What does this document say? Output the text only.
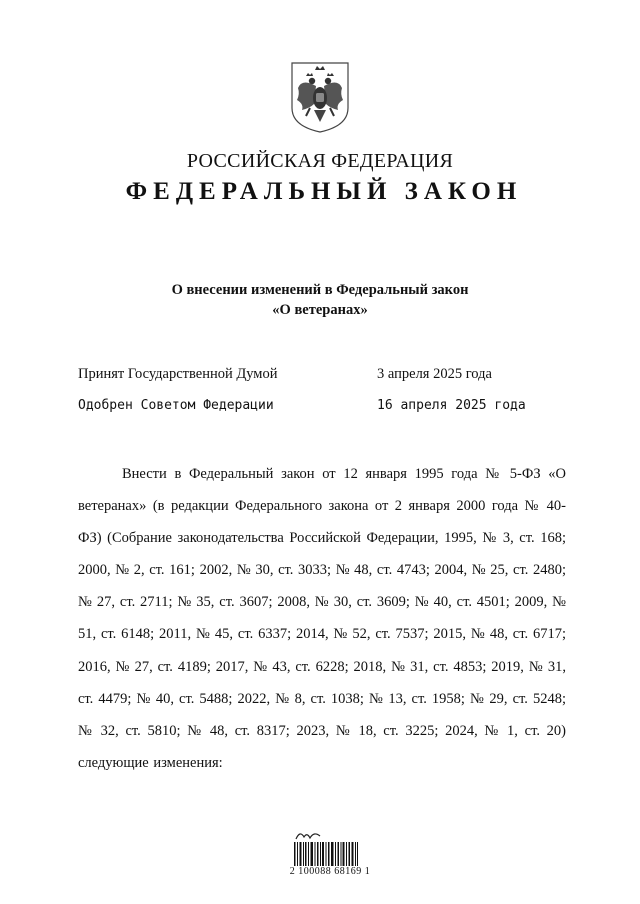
РОССИЙСКАЯ ФЕДЕРАЦИЯ
ФЕДЕРАЛЬНЫЙ ЗАКОН
О внесении изменений в Федеральный закон
«О ветеранах»
Принят Государственной Думой	3 апреля 2025 года
Одобрен Советом Федерации	16 апреля 2025 года
Внести в Федеральный закон от 12 января 1995 года № 5-ФЗ «О ветеранах» (в редакции Федерального закона от 2 января 2000 года № 40-ФЗ) (Собрание законодательства Российской Федерации, 1995, № 3, ст. 168; 2000, № 2, ст. 161; 2002, № 30, ст. 3033; № 48, ст. 4743; 2004, № 25, ст. 2480; № 27, ст. 2711; № 35, ст. 3607; 2008, № 30, ст. 3609; № 40, ст. 4501; 2009, № 51, ст. 6148; 2011, № 45, ст. 6337; 2014, № 52, ст. 7537; 2015, № 48, ст. 6717; 2016, № 27, ст. 4189; 2017, № 43, ст. 6228; 2018, № 31, ст. 4853; 2019, № 31, ст. 4479; № 40, ст. 5488; 2022, № 8, ст. 1038; № 13, ст. 1958; № 29, ст. 5248; № 32, ст. 5810; № 48, ст. 8317; 2023, № 18, ст. 3225; 2024, № 1, ст. 20) следующие изменения:
2 100088 68169 1
